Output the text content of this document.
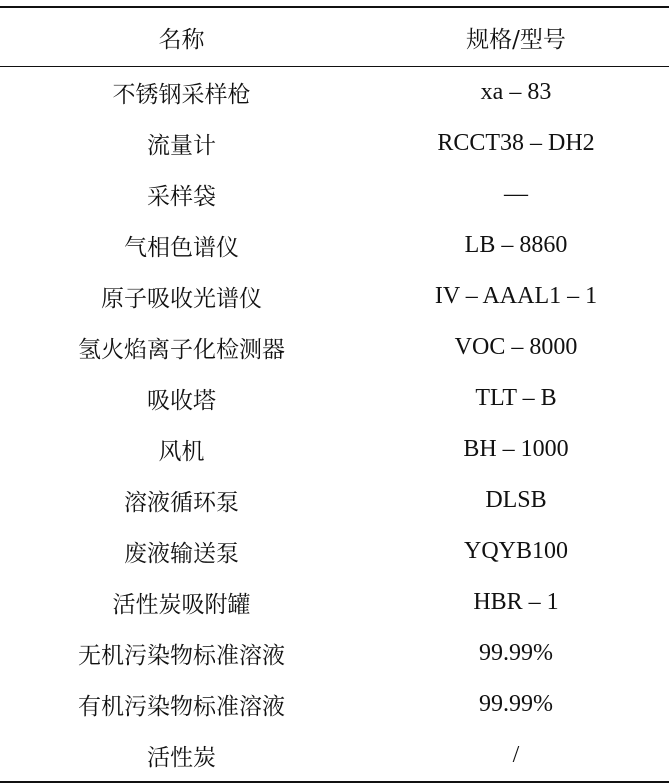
名称	规格/型号
不锈钢采样枪	xa – 83
流量计	RCCT38 – DH2
采样袋	—
气相色谱仪	LB – 8860
原子吸收光谱仪	IV – AAAL1 – 1
氢火焰离子化检测器	VOC – 8000
吸收塔	TLT – B
风机	BH – 1000
溶液循环泵	DLSB
废液输送泵	YQYB100
活性炭吸附罐	HBR – 1
无机污染物标准溶液	99.99%
有机污染物标准溶液	99.99%
活性炭	/
